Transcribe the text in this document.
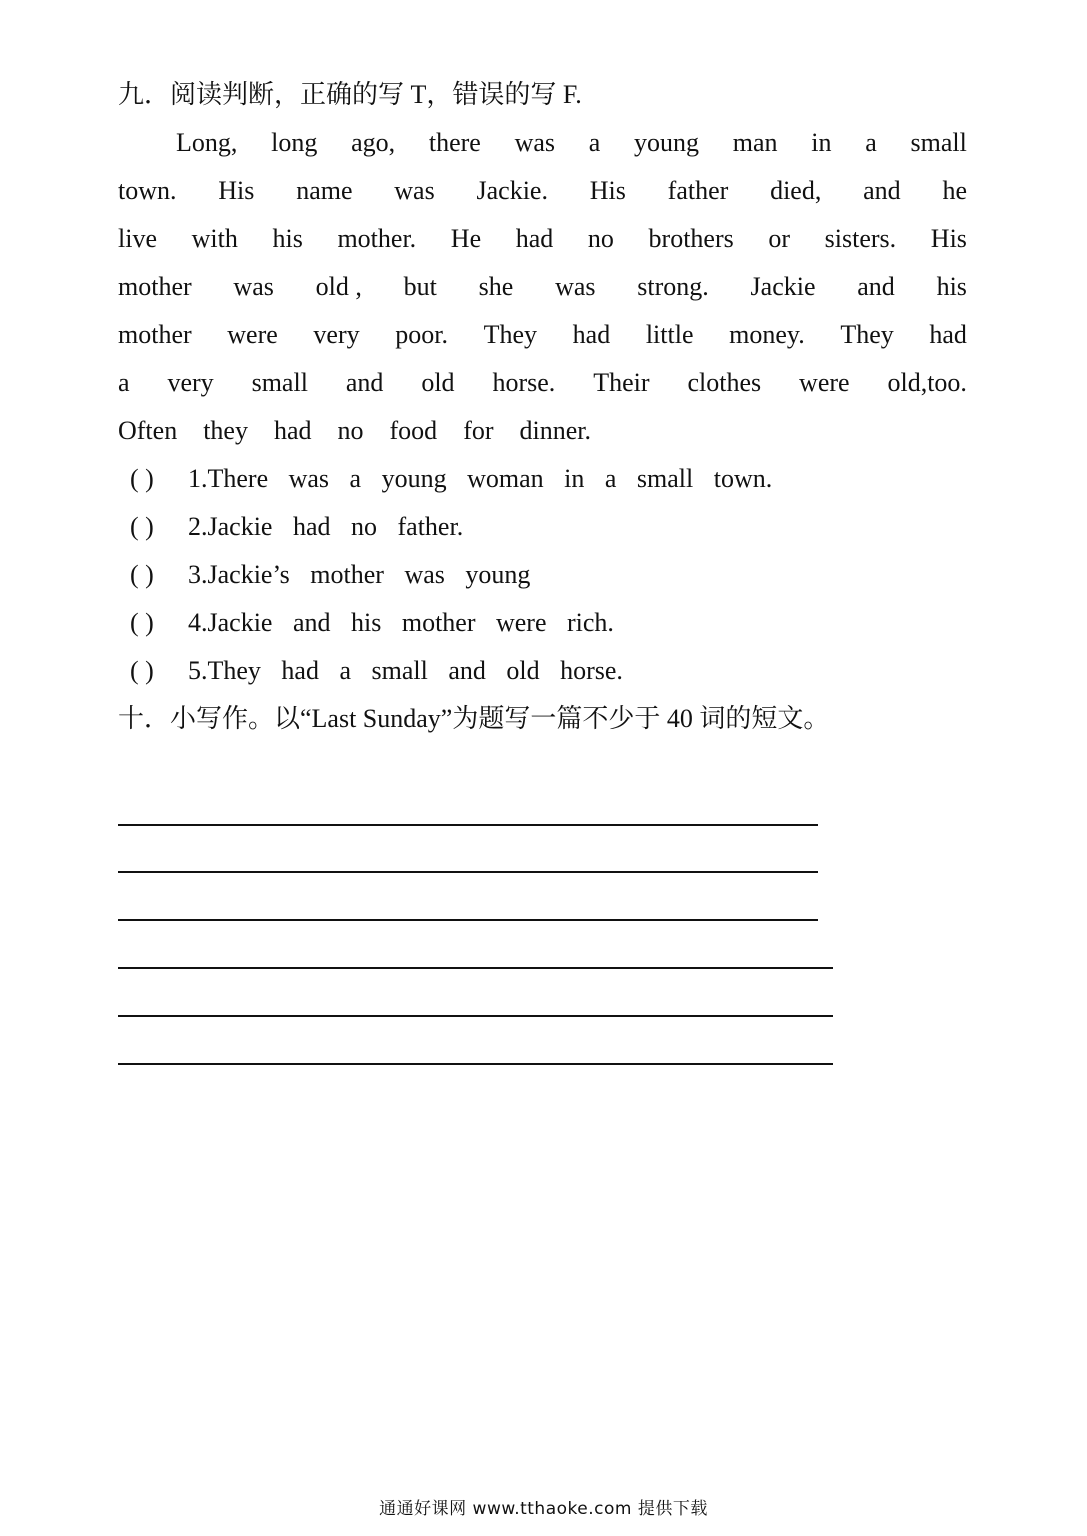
九．阅读判断，正确的写 T，错误的写 F.
Long, long ago, there was a young man in a small
town. His name was Jackie. His father died, and he
live with his mother. He had no brothers or sisters. His
mother was old , but she was strong. Jackie and his
mother were very poor. They had little money. They had
a very small and old horse. Their clothes were old,too.
Often they had no food for dinner.
( ) 1.There was a young woman in a small town.
( ) 2.Jackie had no father.
( ) 3.Jackie’s mother was young
( ) 4.Jackie and his mother were rich.
( ) 5.They had a small and old horse.
十．小写作。以“Last Sunday”为题写一篇不少于 40 词的短文。
通通好课网 www.tthaoke.com 提供下载
